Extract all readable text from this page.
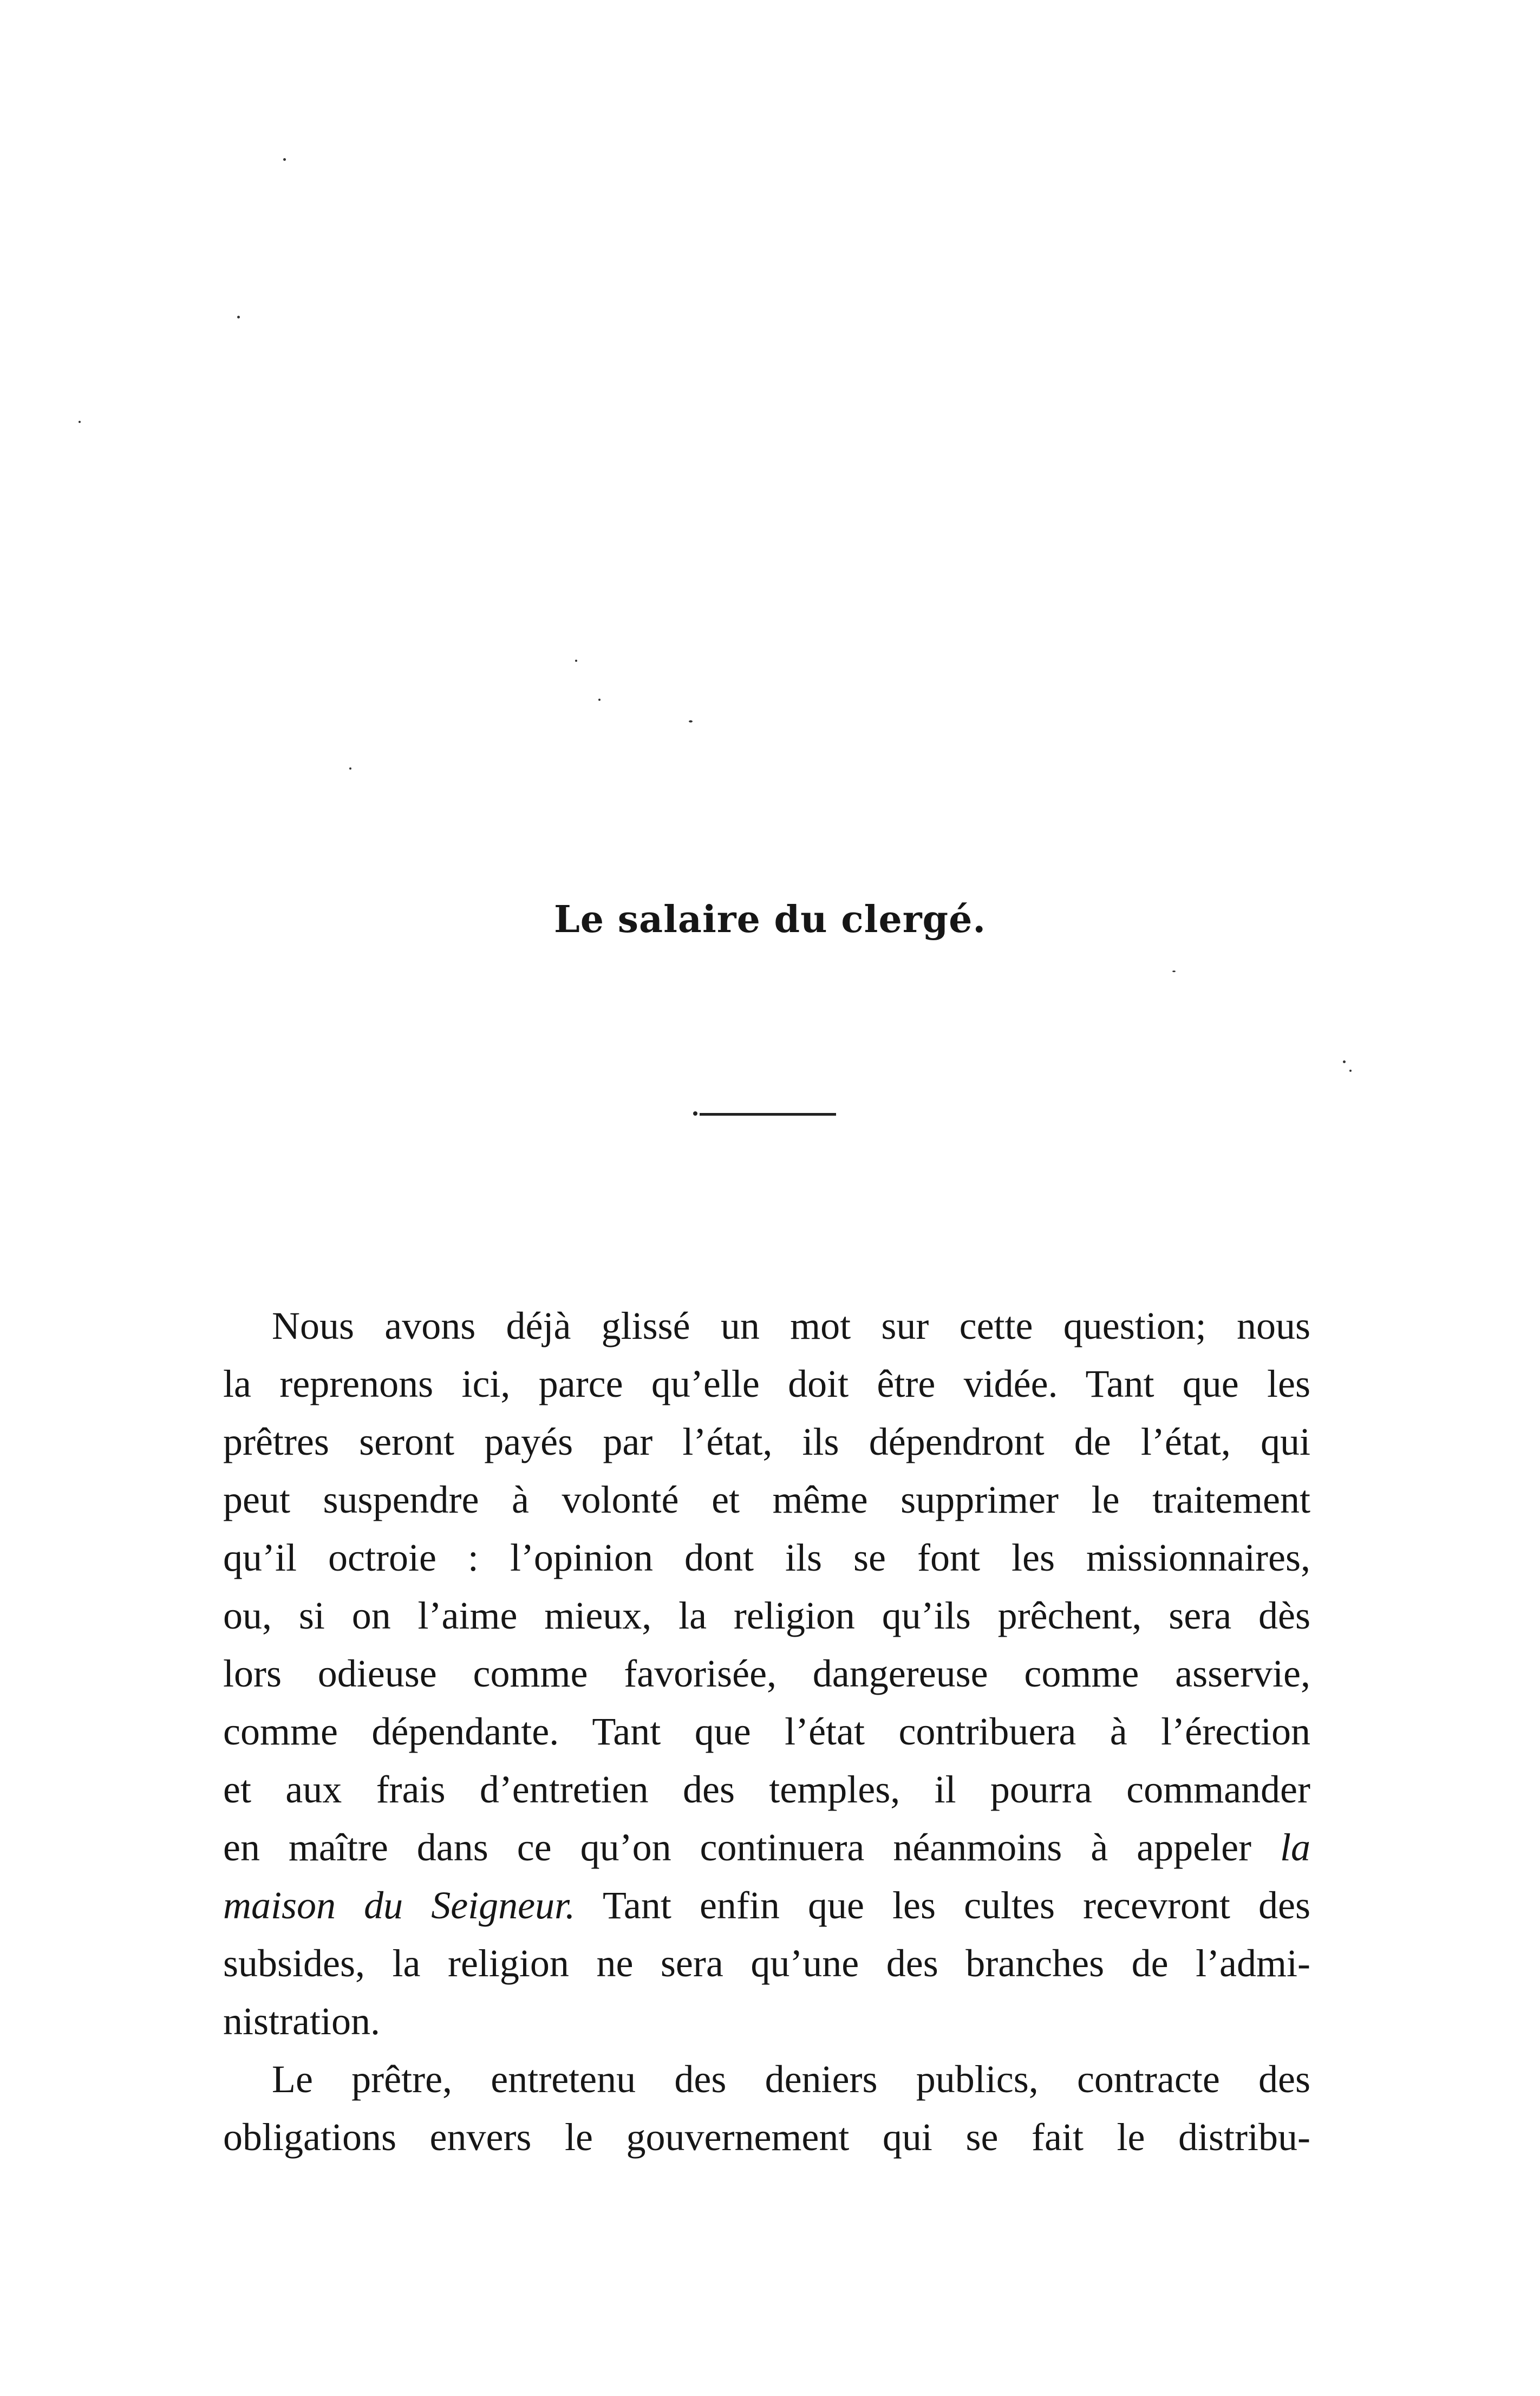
Le salaire du clergé.
Nous avons déjà glissé un mot sur cette question; nous
la reprenons ici, parce qu’elle doit être vidée. Tant que les
prêtres seront payés par l’état, ils dépendront de l’état, qui
peut suspendre à volonté et même supprimer le traitement
qu’il octroie : l’opinion dont ils se font les missionnaires,
ou, si on l’aime mieux, la religion qu’ils prêchent, sera dès
lors odieuse comme favorisée, dangereuse comme asservie,
comme dépendante. Tant que l’état contribuera à l’érection
et aux frais d’entretien des temples, il pourra commander
en maître dans ce qu’on continuera néanmoins à appeler la
maison du Seigneur. Tant enfin que les cultes recevront des
subsides, la religion ne sera qu’une des branches de l’admi-
nistration.
Le prêtre, entretenu des deniers publics, contracte des
obligations envers le gouvernement qui se fait le distribu-
